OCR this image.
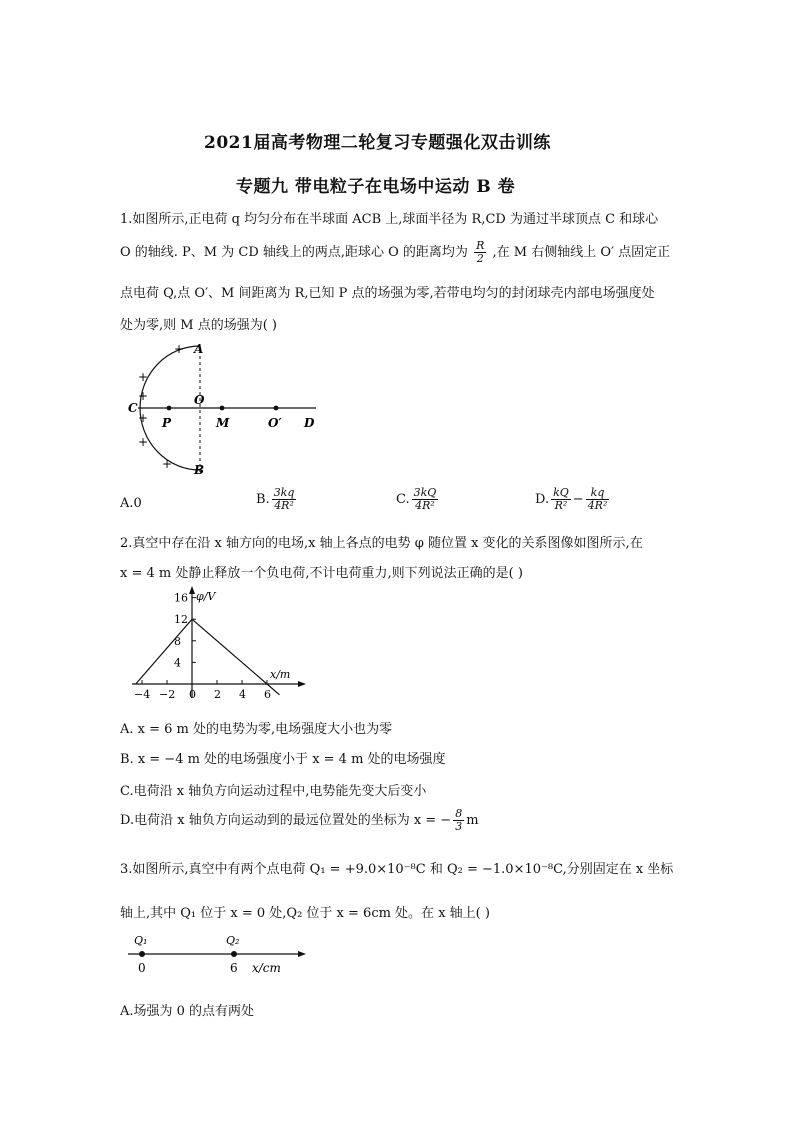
2021届高考物理二轮复习专题强化双击训练
专题九 带电粒子在电场中运动 B 卷
1.如图所示,正电荷 q 均匀分布在半球面 ACB 上,球面半径为 R,CD 为通过半球顶点 C 和球心
O 的轴线. P、M 为 CD 轴线上的两点,距球心 O 的距离均为 $\frac{R}{2}$ ,在 M 右侧轴线上 O′ 点固定正
点电荷 Q,点 O′、M 间距离为 R,已知 P 点的场强为零,若带电均匀的封闭球壳内部电场强度处
处为零,则 M 点的场强为( )
+
+
+
+
+
+
A
B
C
O
P	M	O′ D
A.0	B. $\frac{3kq}{\text{4R²}}$	C. $\frac{3kQ}{\text{4R²}}$	D. $\frac{kQ}{\text{R²}} - \frac{kq}{\text{4R²}}$
2.真空中存在沿 x 轴方向的电场,x 轴上各点的电势 φ 随位置 x 变化的关系图像如图所示,在
x = 4 m 处静止释放一个负电荷,不计电荷重力,则下列说法正确的是( )
φ/V
x/m
4
8
12
16
−4 −2 0 2 4 6
A. x = 6 m 处的电势为零,电场强度大小也为零
B. x = −4 m 处的电场强度小于 x = 4 m 处的电场强度
C.电荷沿 x 轴负方向运动过程中,电势能先变大后变小
D.电荷沿 x 轴负方向运动到的最远位置处的坐标为 x = − $\frac{8}{3}$ m
3.如图所示,真空中有两个点电荷 Q₁ = +9.0×10⁻⁸C 和 Q₂ = −1.0×10⁻⁸C,分别固定在 x 坐标
轴上,其中 Q₁ 位于 x = 0 处,Q₂ 位于 x = 6cm 处。在 x 轴上( )
Q₁	Q₂
0	6 x/cm
A.场强为 0 的点有两处
